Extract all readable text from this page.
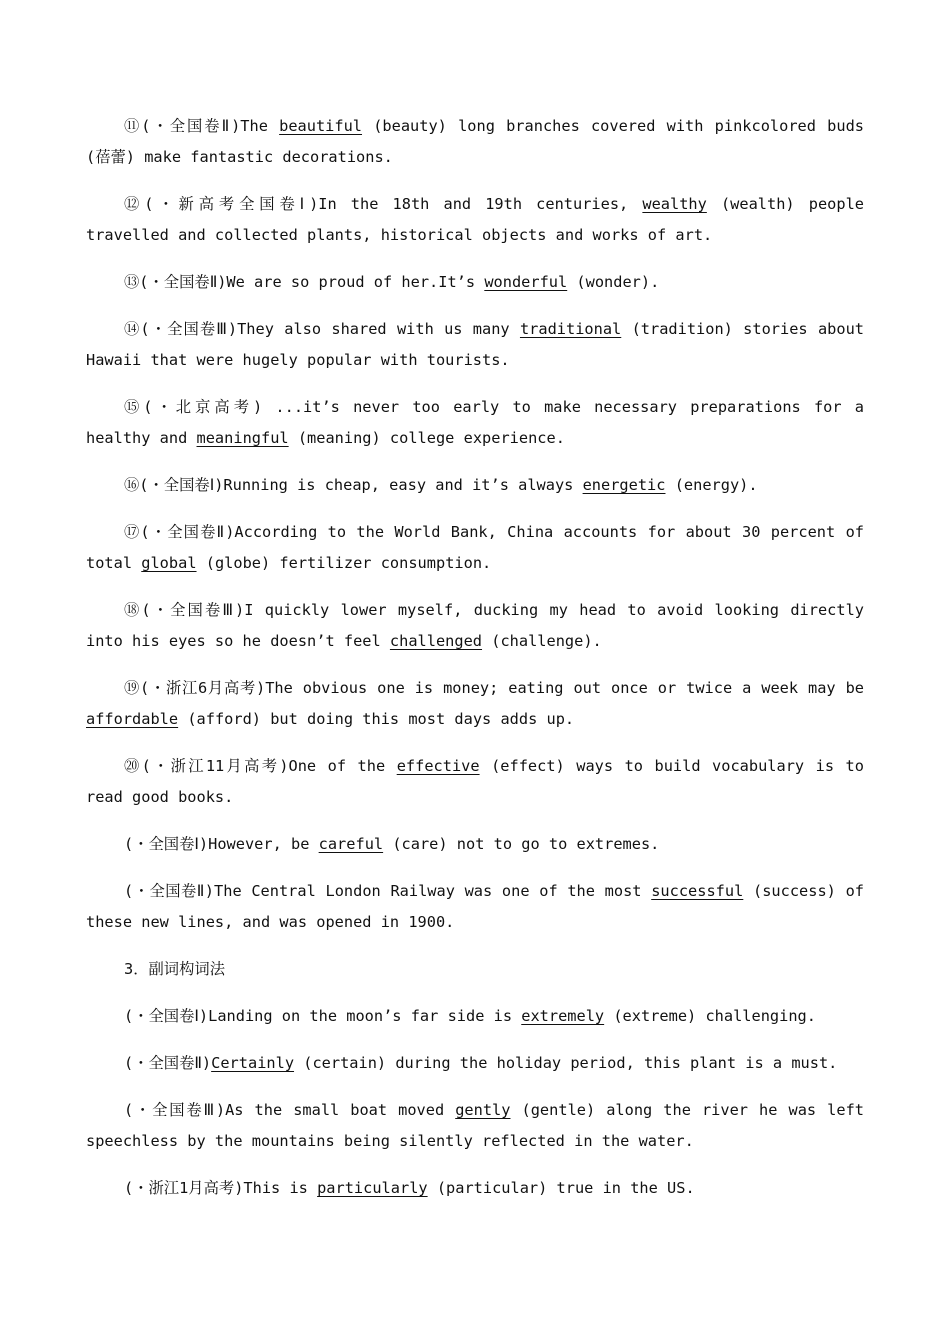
⑪(・全国卷Ⅱ)The beautiful (beauty) long branches covered with pinkcolored buds (蓓蕾) make fantastic decorations.

⑫(・新高考全国卷Ⅰ)In the 18th and 19th centuries, wealthy (wealth) people travelled and collected plants, historical objects and works of art.

⑬(・全国卷Ⅱ)We are so proud of her.It’s wonderful (wonder).

⑭(・全国卷Ⅲ)They also shared with us many traditional (tradition) stories about Hawaii that were hugely popular with tourists.

⑮(・北京高考) ...it’s never too early to make necessary preparations for a healthy and meaningful (meaning) college experience.

⑯(・全国卷Ⅰ)Running is cheap, easy and it’s always energetic (energy).

⑰(・全国卷Ⅱ)According to the World Bank, China accounts for about 30 percent of total global (globe) fertilizer consumption.

⑱(・全国卷Ⅲ)I quickly lower myself, ducking my head to avoid looking directly into his eyes so he doesn’t feel challenged (challenge).

⑲(・浙江6月高考)The obvious one is money; eating out once or twice a week may be affordable (afford) but doing this most days adds up.

⑳(・浙江11月高考)One of the effective (effect) ways to build vocabulary is to read good books.

(・全国卷Ⅰ)However, be careful (care) not to go to extremes.

(・全国卷Ⅱ)The Central London Railway was one of the most successful (success) of these new lines, and was opened in 1900.

3．副词构词法

(・全国卷Ⅰ)Landing on the moon’s far side is extremely (extreme) challenging.

(・全国卷Ⅱ)Certainly (certain) during the holiday period, this plant is a must.

(・全国卷Ⅲ)As the small boat moved gently (gentle) along the river he was left speechless by the mountains being silently reflected in the water.

(・浙江1月高考)This is particularly (particular) true in the US.
